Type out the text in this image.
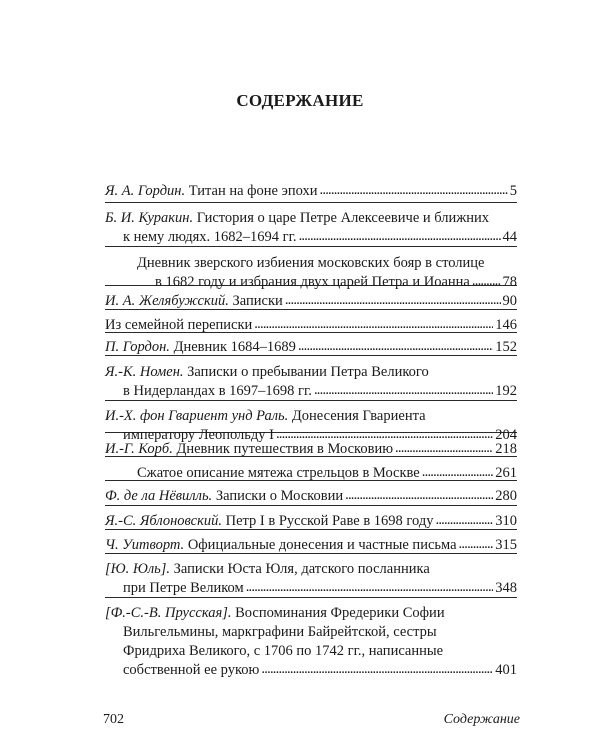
СОДЕРЖАНИЕ
Я. А. Гордин. Титан на фоне эпохи . . .	5
Б. И. Куракин. Гистория о царе Петре Алексеевиче и ближних
к нему людях. 1682–1694 гг. . . .	44
Дневник зверского избиения московских бояр в столице
в 1682 году и избрания двух царей Петра и Иоанна . . . 78
И. А. Желябужский. Записки . . .	90
Из семейной переписки . . .	146
П. Гордон. Дневник 1684–1689 . . .	152
Я.-К. Номен. Записки о пребывании Петра Великого
в Нидерландах в 1697–1698 гг. . . .	192
И.-Х. фон Гвариент унд Раль. Донесения Гвариента
императору Леопольду I . . .	204
И.-Г. Корб. Дневник путешествия в Московию . . .	218
Сжатое описание мятежа стрельцов в Москве . . .	261
Ф. де ла Нёвилль. Записки о Московии . . .	280
Я.-С. Яблоновский. Петр I в Русской Раве в 1698 году . . .	310
Ч. Уитворт. Официальные донесения и частные письма . . .	315
[Ю. Юль]. Записки Юста Юля, датского посланника
при Петре Великом . . .	348
[Ф.-С.-В. Прусская]. Воспоминания Фредерики Софии
Вильгельмины, маркграфини Байрейтской, сестры
Фридриха Великого, с 1706 по 1742 гг., написанные
собственной ее рукою . . .	401
702	Содержание
